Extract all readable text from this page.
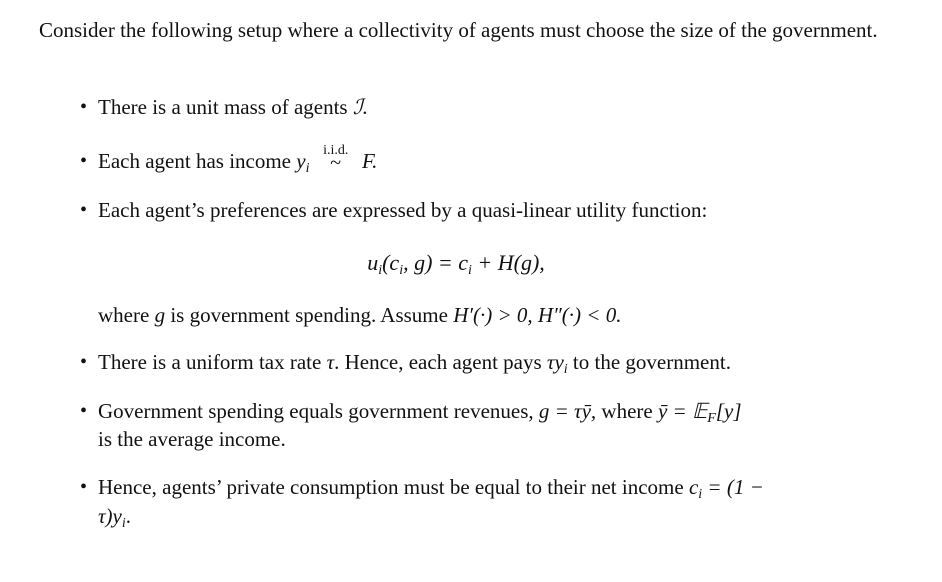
Consider the following setup where a collectivity of agents must choose the size of the government.
• There is a unit mass of agents ℐ.
• Each agent has income $y_i$
i.i.d.
~ F.
• Each agent’s preferences are expressed by a quasi-linear utility function:
$u_i(c_i$, $g) = c_i + H(g)$,
where g is government spending. Assume H′(·) > 0, H″(·) < 0.
• There is a uniform tax rate τ. Hence, each agent pays $\tau y_i$ to the government.
• Government spending equals government revenues, g = τȳ, where ȳ = 𝔼$_F$[y]
is the average income.
• Hence, agents’ private consumption must be equal to their net income $c_i = (1$ −
$\tau)y_i$.
